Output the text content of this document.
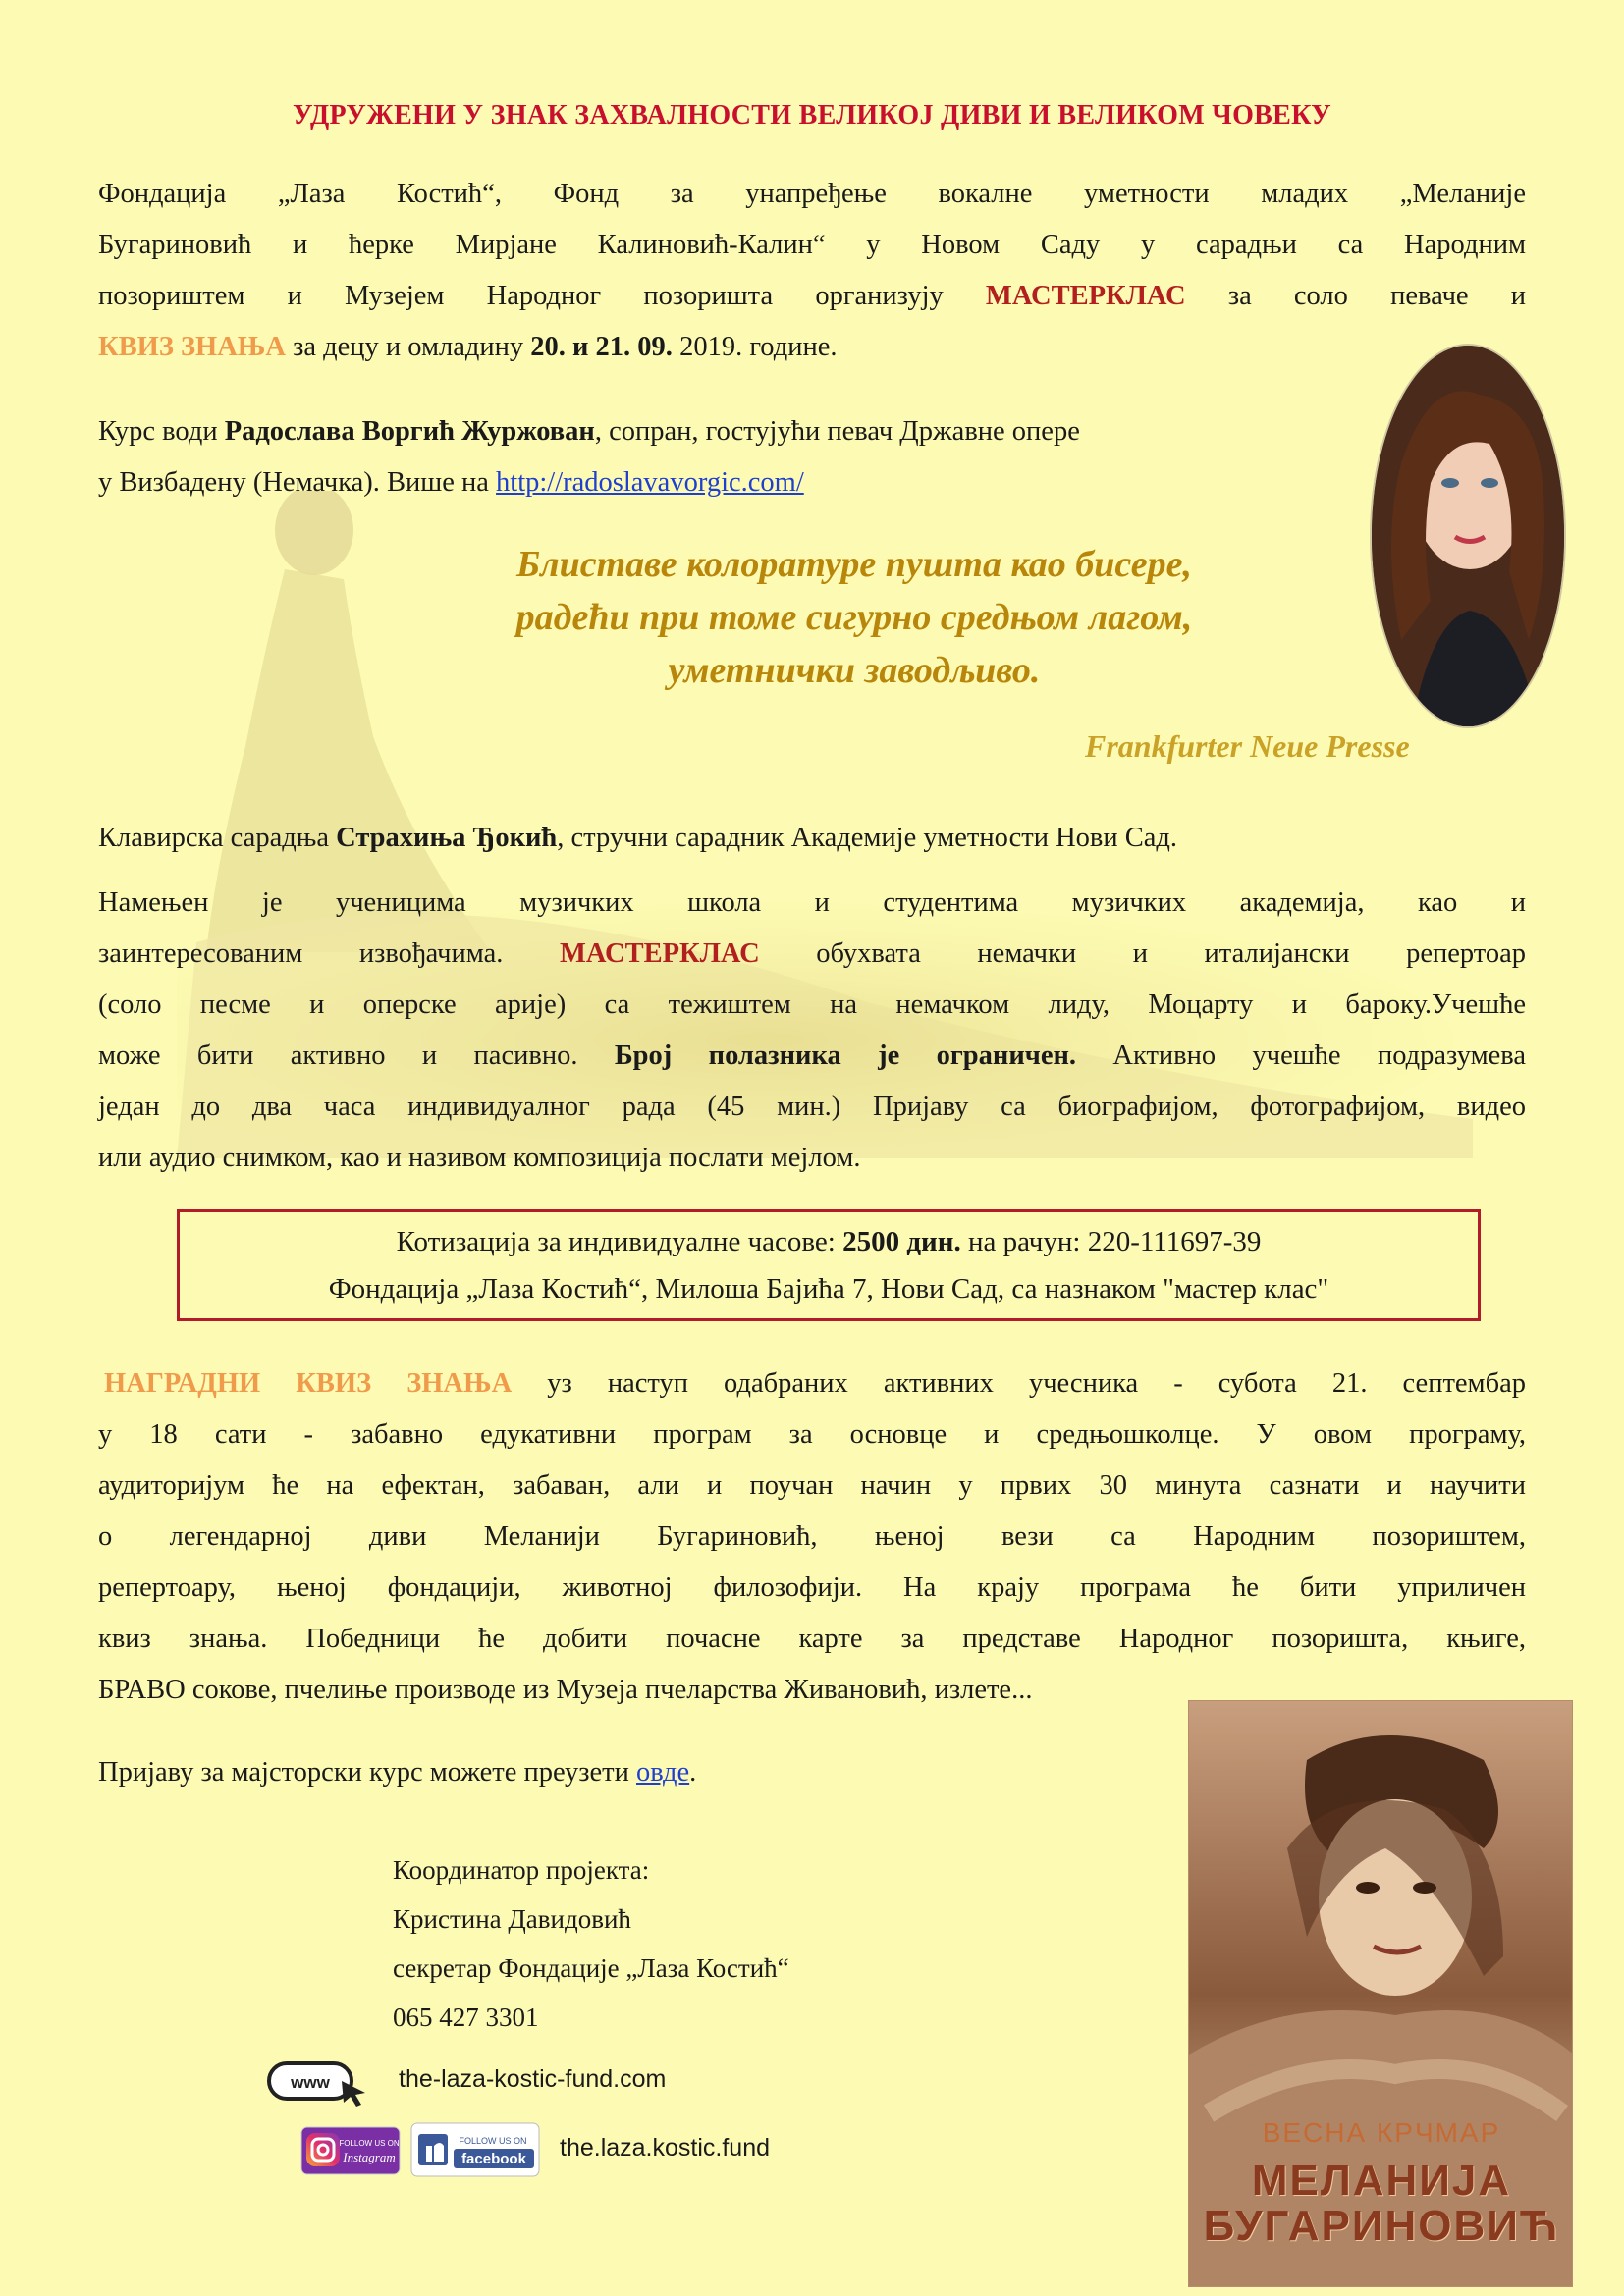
УДРУЖЕНИ У ЗНАК ЗАХВАЛНОСТИ ВЕЛИКОЈ ДИВИ И ВЕЛИКОМ ЧОВЕКУ
Фондација „Лаза Костић“, Фонд за унапређење вокалне уметности младих „Меланије
Бугариновић и ћерке Мирјане Калиновић-Калин“ у Новом Саду у сарадњи са Народним
позориштем и Музејем Народног позоришта организују МАСТЕРКЛАС за соло певаче и
КВИЗ ЗНАЊА за децу и омладину 20. и 21. 09. 2019. године.
Курс води Радослава Воргић Журжован, сопран, гостујући певач Државне опере
у Визбадену (Немачка). Више на http://radoslavavorgic.com/
Блиставе колоратуре пушта као бисере,
радећи при томе сигурно средњом лагом,
уметнички заводљиво.
Frankfurter Neue Presse
Клавирска сарадња Страхиња Ђокић, стручни сарадник Академије уметности Нови Сад.
Намењен је ученицима музичких школа и студентима музичких академија, као и
заинтересованим извођачима. МАСТЕРКЛАС обухвата немачки и италијански репертоар
(соло песме и оперске арије) са тежиштем на немачком лиду, Моцарту и бароку.Учешће
може бити активно и пасивно. Број полазника је ограничен. Активно учешће подразумева
један до два часа индивидуалног рада (45 мин.) Пријаву са биографијом, фотографијом, видео
или аудио снимком, као и називом композиција послати мејлом.
Котизација за индивидуалне часове: 2500 дин. на рачун: 220-111697-39
Фондација „Лаза Костић“, Милоша Бајића 7, Нови Сад, са назнаком "мастер клас"
НАГРАДНИ КВИЗ ЗНАЊА уз наступ одабраних активних учесника - субота 21. септембар
у 18 сати - забавно едукативни програм за основце и средњошколце. У овом програму,
аудиторијум ће на ефектан, забаван, али и поучан начин у првих 30 минута сазнати и научити
о легендарној диви Меланији Бугариновић, њеној вези са Народним позориштем,
репертоару, њеној фондацији, животној филозофији. На крају програма ће бити уприличен
квиз знања. Победници ће добити почасне карте за представе Народног позоришта, књиге,
БРАВО сокове, пчелиње производе из Музеја пчеларства Живановић, излете...
Пријаву за мајсторски курс можете преузети овде.
Координатор пројекта:
Кристина Давидовић
секретар Фондације „Лаза Костић“
065 427 3301
www	the-laza-kostic-fund.com
FOLLOW US ON
Instagram
FOLLOW US ON
facebook the.laza.kostic.fund	ВЕСНА КРЧМАР
МЕЛАНИЈА
БУГАРИНОВИЋ
